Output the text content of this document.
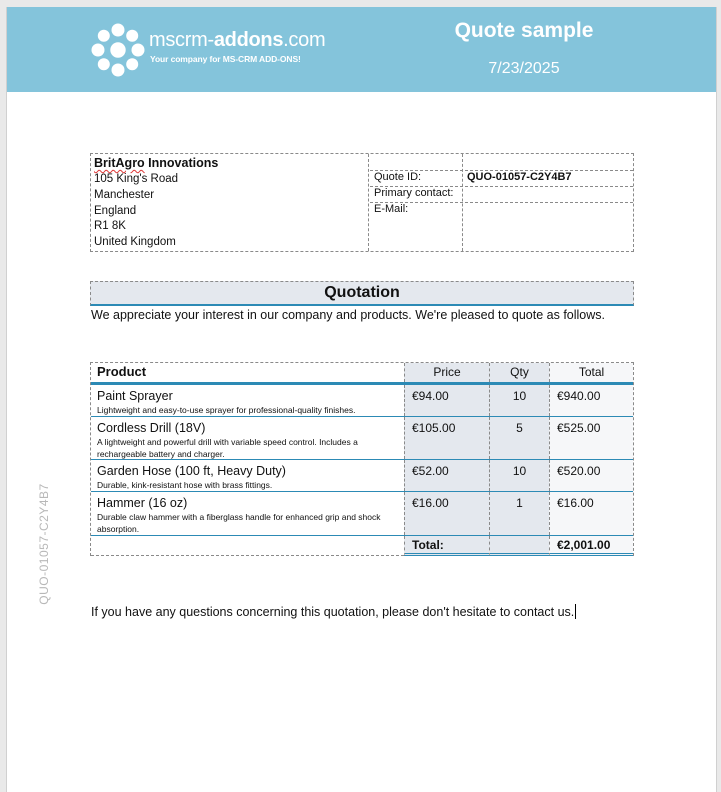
mscrm-addons.com
Your company for MS-CRM ADD-ONS!
Quote sample
7/23/2025
BritAgro Innovations
105 King's Road
Manchester
England
R1 8K
United Kingdom
Quote ID:	QUO-01057-C2Y4B7
Primary contact:
E-Mail:
Quotation
We appreciate your interest in our company and products. We're pleased to quote as follows.
Product	Price	Qty	Total
Paint Sprayer
Lightweight and easy-to-use sprayer for professional-quality finishes.
€94.00	10	€940.00
Cordless Drill (18V)
A lightweight and powerful drill with variable speed control. Includes a rechargeable battery and charger.
€105.00	5	€525.00
Garden Hose (100 ft, Heavy Duty)
Durable, kink-resistant hose with brass fittings.
€52.00	10	€520.00
Hammer (16 oz)
Durable claw hammer with a fiberglass handle for enhanced grip and shock absorption.
€16.00	1	€16.00
Total:	€2,001.00
If you have any questions concerning this quotation, please don't hesitate to contact us.
QUO-01057-C2Y4B7
